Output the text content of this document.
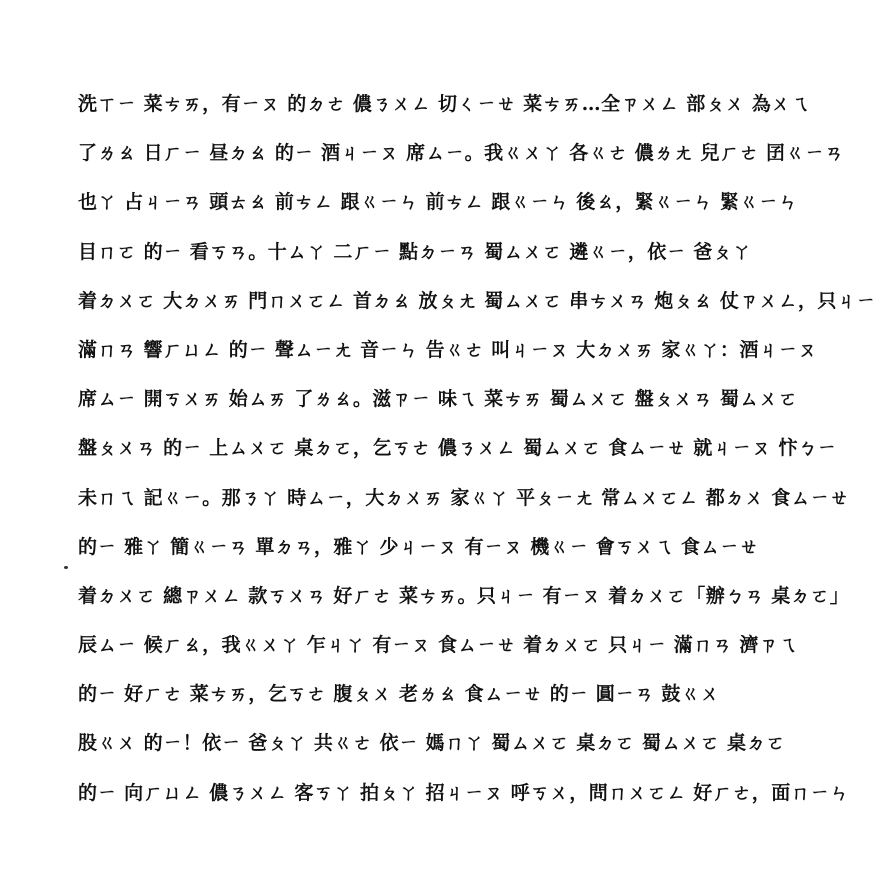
洗ㄒㄧ 菜ㄘㄞ，有ㄧㄡ 的ㄉㄜ 儂ㄋㄨㄥ 切ㄑㄧㄝ 菜ㄘㄞ…全ㄗㄨㄥ 部ㄆㄨ 為ㄨㄟ
了ㄌㄠ 日ㄏㄧ 昼ㄉㄠ 的ㄧ 酒ㄐㄧㄡ 席ㄙㄧ。我ㄍㄨㄚ 各ㄍㄜ 儂ㄌㄤ 兒ㄏㄜ 囝ㄍㄧㄢ
也ㄚ 占ㄐㄧㄢ 頭ㄊㄠ 前ㄘㄥ 跟ㄍㄧㄣ 前ㄘㄥ 跟ㄍㄧㄣ 後ㄠ，緊ㄍㄧㄣ 緊ㄍㄧㄣ
目ㄇㄛ 的ㄧ 看ㄎㄢ。十ㄙㄚ 二ㄏㄧ 點ㄉㄧㄢ 蜀ㄙㄨㄛ 遴ㄍㄧ，依ㄧ 爸ㄆㄚ
着ㄉㄨㄛ 大ㄉㄨㄞ 門ㄇㄨㄛㄥ 首ㄉㄠ 放ㄆㄤ 蜀ㄙㄨㄛ 串ㄘㄨㄢ 炮ㄆㄠ 仗ㄗㄨㄥ，只ㄐㄧ
滿ㄇㄢ 響ㄏㄩㄥ 的ㄧ 聲ㄙㄧㄤ 音ㄧㄣ 告ㄍㄜ 叫ㄐㄧㄡ 大ㄉㄨㄞ 家ㄍㄚ：酒ㄐㄧㄡ
席ㄙㄧ 開ㄎㄨㄞ 始ㄙㄞ 了ㄌㄠ。滋ㄗㄧ 味ㄟ 菜ㄘㄞ 蜀ㄙㄨㄛ 盤ㄆㄨㄢ 蜀ㄙㄨㄛ
盤ㄆㄨㄢ 的ㄧ 上ㄙㄨㄛ 桌ㄉㄛ，乞ㄎㄜ 儂ㄋㄨㄥ 蜀ㄙㄨㄛ 食ㄙㄧㄝ 就ㄐㄧㄡ 忭ㄅㄧ
未ㄇㄟ 記ㄍㄧ。那ㄋㄚ 時ㄙㄧ，大ㄉㄨㄞ 家ㄍㄚ 平ㄆㄧㄤ 常ㄙㄨㄛㄥ 都ㄉㄨ 食ㄙㄧㄝ
的ㄧ 雅ㄚ 簡ㄍㄧㄢ 單ㄉㄢ，雅ㄚ 少ㄐㄧㄡ 有ㄧㄡ 機ㄍㄧ 會ㄎㄨㄟ 食ㄙㄧㄝ
着ㄉㄨㄛ 總ㄗㄨㄥ 款ㄎㄨㄢ 好ㄏㄜ 菜ㄘㄞ。只ㄐㄧ 有ㄧㄡ 着ㄉㄨㄛ「辦ㄅㄢ 桌ㄉㄛ」
辰ㄙㄧ 候ㄏㄠ，我ㄍㄨㄚ 乍ㄐㄚ 有ㄧㄡ 食ㄙㄧㄝ 着ㄉㄨㄛ 只ㄐㄧ 滿ㄇㄢ 濟ㄗㄟ
的ㄧ 好ㄏㄜ 菜ㄘㄞ，乞ㄎㄜ 腹ㄆㄨ 老ㄌㄠ 食ㄙㄧㄝ 的ㄧ 圓ㄧㄢ 鼓ㄍㄨ
股ㄍㄨ 的ㄧ！依ㄧ 爸ㄆㄚ 共ㄍㄜ 依ㄧ 媽ㄇㄚ 蜀ㄙㄨㄛ 桌ㄉㄛ 蜀ㄙㄨㄛ 桌ㄉㄛ
的ㄧ 向ㄏㄩㄥ 儂ㄋㄨㄥ 客ㄎㄚ 拍ㄆㄚ 招ㄐㄧㄡ 呼ㄎㄨ，問ㄇㄨㄛㄥ 好ㄏㄜ，面ㄇㄧㄣ
